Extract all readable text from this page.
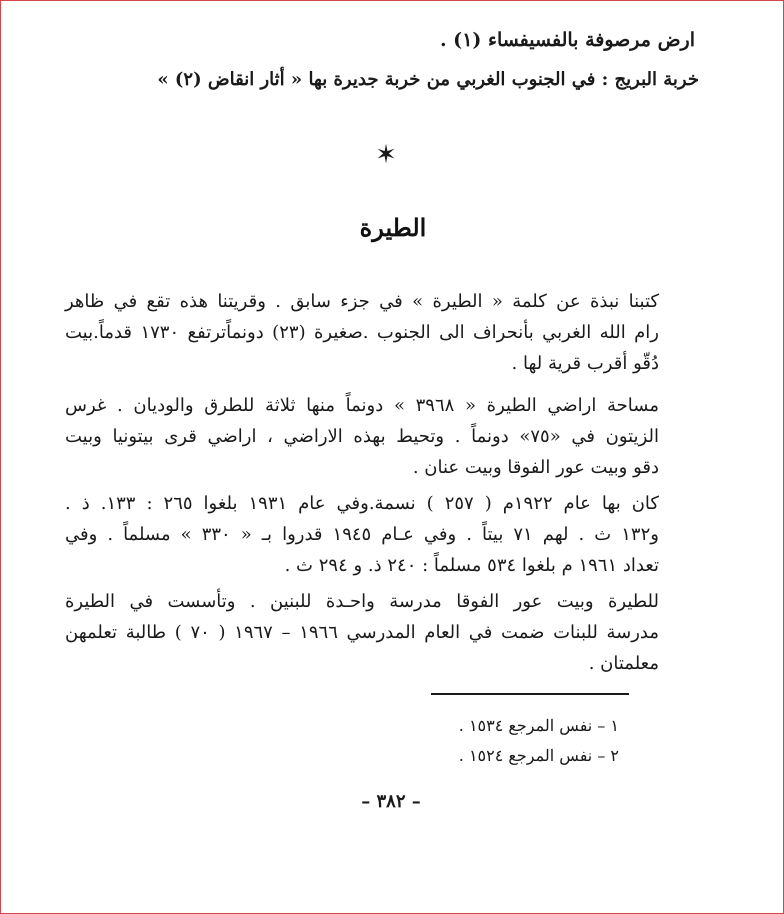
ارض مرصوفة بالفسيفساء (١) .
خربة البريج : في الجنوب الغربي من خربة جديرة بها « أثار انقاض (٢) »
✶
الطيرة
كتبنا نبذة عن كلمة « الطيرة » في جزء سابق . وقريتنا هذه تقع في ظاهر
رام الله الغربي بأنحراف الى الجنوب .صغيرة (٢٣) دونماًترتفع ١٧٣٠ قدماً.بيت
دُقّو أقرب قرية لها .
مساحة اراضي الطيرة « ٣٩٦٨ » دونماً منها ثلاثة للطرق والوديان . غرس
الزيتون في «٧٥» دونماً . وتحيط بهذه الاراضي ، اراضي قرى بيتونيا وبيت
دقو وبيت عور الفوقا وبيت عنان .
كان بها عام ١٩٢٢م ( ٢٥٧ ) نسمة.وفي عام ١٩٣١ بلغوا ٢٦٥ : ١٣٣. ذ .
و١٣٢ ث . لهم ٧١ بيتاً . وفي عـام ١٩٤٥ قدروا بـ « ٣٣٠ » مسلماً . وفي
تعداد ١٩٦١ م بلغوا ٥٣٤ مسلماً : ٢٤٠ ذ. و ٢٩٤ ث .
للطيرة وبيت عور الفوقا مدرسة واحـدة للبنين . وتأسست في الطيرة
مدرسة للبنات ضمت في العام المدرسي ١٩٦٦ – ١٩٦٧ ( ٧٠ ) طالبة تعلمهن
معلمتان .
١ – نفس المرجع ١٥٣٤ .
٢ – نفس المرجع ١٥٢٤ .
– ٣٨٢ –
